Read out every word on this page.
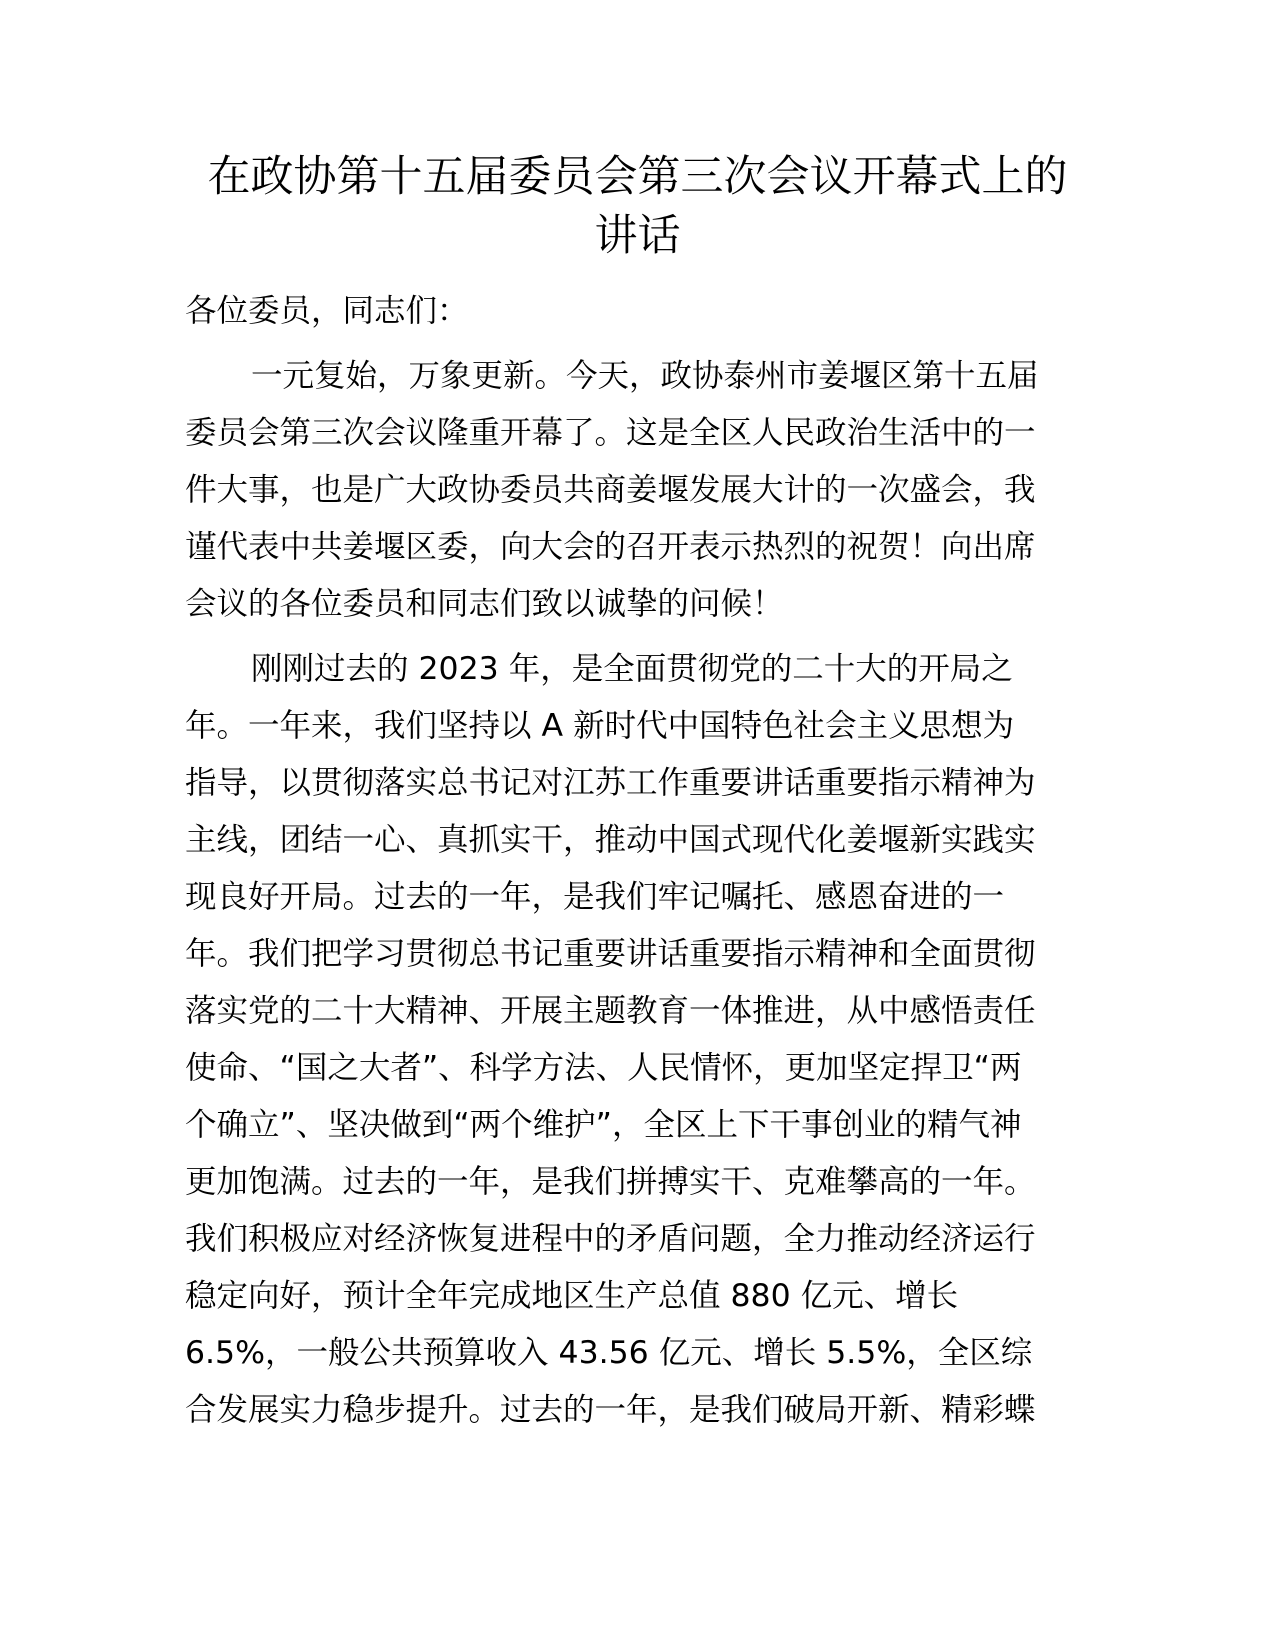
在政协第十五届委员会第三次会议开幕式上的
讲话
各位委员，同志们：
一元复始，万象更新。今天，政协泰州市姜堰区第十五届
委员会第三次会议隆重开幕了。这是全区人民政治生活中的一
件大事，也是广大政协委员共商姜堰发展大计的一次盛会，我
谨代表中共姜堰区委，向大会的召开表示热烈的祝贺！向出席
会议的各位委员和同志们致以诚挚的问候！
刚刚过去的 2023 年，是全面贯彻党的二十大的开局之
年。一年来，我们坚持以 A 新时代中国特色社会主义思想为
指导，以贯彻落实总书记对江苏工作重要讲话重要指示精神为
主线，团结一心、真抓实干，推动中国式现代化姜堰新实践实
现良好开局。过去的一年，是我们牢记嘱托、感恩奋进的一
年。我们把学习贯彻总书记重要讲话重要指示精神和全面贯彻
落实党的二十大精神、开展主题教育一体推进，从中感悟责任
使命、“国之大者”、科学方法、人民情怀，更加坚定捍卫“两
个确立”、坚决做到“两个维护”，全区上下干事创业的精气神
更加饱满。过去的一年，是我们拼搏实干、克难攀高的一年。
我们积极应对经济恢复进程中的矛盾问题，全力推动经济运行
稳定向好，预计全年完成地区生产总值 880 亿元、增长
6.5%，一般公共预算收入 43.56 亿元、增长 5.5%，全区综
合发展实力稳步提升。过去的一年，是我们破局开新、精彩蝶
